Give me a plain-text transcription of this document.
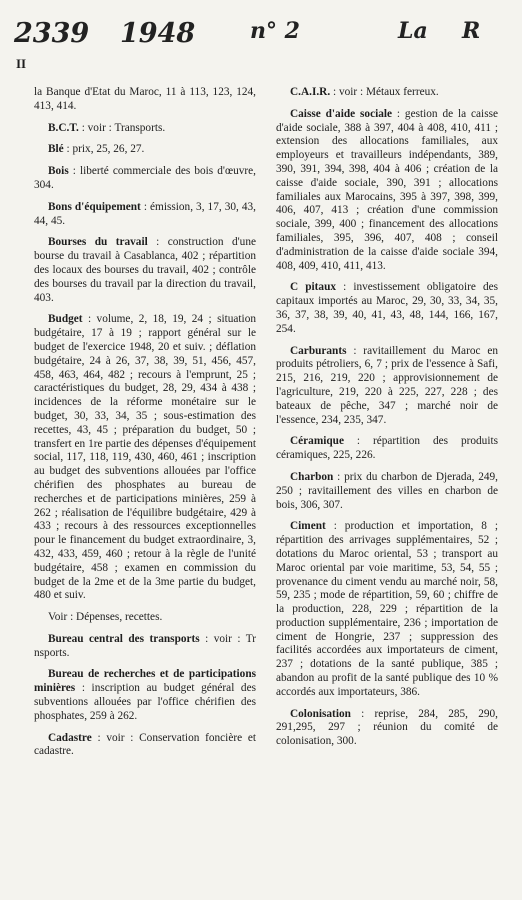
2339 1948 n° 2	La R
II

la Banque d'Etat du Maroc, 11 à 113, 123, 124, 413, 414.

B.C.T. : voir : Transports.

Blé : prix, 25, 26, 27.

Bois : liberté commerciale des bois d'œuvre, 304.

Bons d'équipement : émission, 3, 17, 30, 43, 44, 45.

Bourses du travail : construction d'une bourse du travail à Casablanca, 402 ; répartition des locaux des bourses du travail, 402 ; contrôle des bourses du travail par la direction du travail, 403.

Budget : volume, 2, 18, 19, 24 ; situation budgétaire, 17 à 19 ; rapport général sur le budget de l'exercice 1948, 20 et suiv. ; déflation budgétaire, 24 à 26, 37, 38, 39, 51, 456, 457, 458, 463, 464, 482 ; recours à l'emprunt, 25 ; caractéristiques du budget, 28, 29, 434 à 438 ; incidences de la réforme monétaire sur le budget, 30, 33, 34, 35 ; sous-estimation des recettes, 43, 45 ; préparation du budget, 50 ; transfert en 1re partie des dépenses d'équipement social, 117, 118, 119, 430, 460, 461 ; inscription au budget des subventions allouées par l'office chérifien des phosphates au bureau de recherches et de participations minières, 259 à 262 ; réalisation de l'équilibre budgétaire, 429 à 433 ; recours à des ressources exceptionnelles pour le financement du budget extraordinaire, 3, 432, 433, 459, 460 ; retour à la règle de l'unité budgétaire, 458 ; examen en commission du budget de la 2me et de la 3me partie du budget, 480 et suiv.

Voir : Dépenses, recettes.

Bureau central des transports : voir : Tr nsports.

Bureau de recherches et de participations minières : inscription au budget général des subventions allouées par l'office chérifien des phosphates, 259 à 262.

Cadastre : voir : Conservation foncière et cadastre.

C.A.I.R. : voir : Métaux ferreux.

Caisse d'aide sociale : gestion de la caisse d'aide sociale, 388 à 397, 404 à 408, 410, 411 ; extension des allocations familiales, aux employeurs et travailleurs indépendants, 389, 390, 391, 394, 398, 404 à 406 ; création de la caisse d'aide sociale, 390, 391 ; allocations familiales aux Marocains, 395 à 397, 398, 399, 406, 407, 413 ; création d'une commission sociale, 399, 400 ; financement des allocations familiales, 395, 396, 407, 408 ; conseil d'administration de la caisse d'aide sociale 394, 408, 409, 410, 411, 413.

C pitaux : investissement obligatoire des capitaux importés au Maroc, 29, 30, 33, 34, 35, 36, 37, 38, 39, 40, 41, 43, 48, 144, 166, 167, 254.

Carburants : ravitaillement du Maroc en produits pétroliers, 6, 7 ; prix de l'essence à Safi, 215, 216, 219, 220 ; approvisionnement de l'agriculture, 219, 220 à 225, 227, 228 ; des bateaux de pêche, 347 ; marché noir de l'essence, 234, 235, 347.

Céramique : répartition des produits céramiques, 225, 226.

Charbon : prix du charbon de Djerada, 249, 250 ; ravitaillement des villes en charbon de bois, 306, 307.

Ciment : production et importation, 8 ; répartition des arrivages supplémentaires, 52 ; dotations du Maroc oriental, 53 ; transport au Maroc oriental par voie maritime, 53, 54, 55 ; provenance du ciment vendu au marché noir, 58, 59, 235 ; mode de répartition, 59, 60 ; chiffre de la production, 228, 229 ; répartition de la production supplémentaire, 236 ; importation de ciment de Hongrie, 237 ; suppression des facilités accordées aux importateurs de ciment, 237 ; dotations de la santé publique, 385 ; abandon au profit de la santé publique des 10 % accordés aux importateurs, 386.

Colonisation : reprise, 284, 285, 290, 291,295, 297 ; réunion du comité de colonisation, 300.
